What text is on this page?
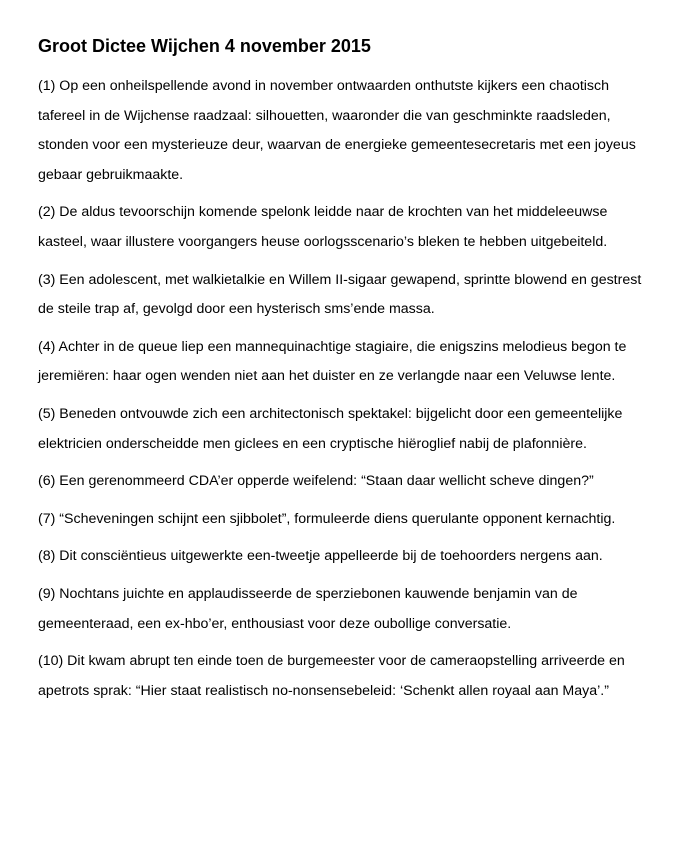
Groot Dictee Wijchen 4 november 2015

(1) Op een onheilspellende avond in november ontwaarden onthutste kijkers een chaotisch tafereel in de Wijchense raadzaal: silhouetten, waaronder die van geschminkte raadsleden, stonden voor een mysterieuze deur, waarvan de energieke gemeentesecretaris met een joyeus gebaar gebruikmaakte.

(2) De aldus tevoorschijn komende spelonk leidde naar de krochten van het middeleeuwse kasteel, waar illustere voorgangers heuse oorlogsscenario’s bleken te hebben uitgebeiteld.

(3) Een adolescent, met walkietalkie en Willem II-sigaar gewapend, sprintte blowend en gestrest de steile trap af, gevolgd door een hysterisch sms’ende massa.

(4) Achter in de queue liep een mannequinachtige stagiaire, die enigszins melodieus begon te jeremiëren: haar ogen wenden niet aan het duister en ze verlangde naar een Veluwse lente.

(5) Beneden ontvouwde zich een architectonisch spektakel: bijgelicht door een gemeentelijke elektricien onderscheidde men giclees en een cryptische hiëroglief nabij de plafonnière.

(6) Een gerenommeerd CDA’er opperde weifelend: “Staan daar wellicht scheve dingen?”

(7) “Scheveningen schijnt een sjibbolet”, formuleerde diens querulante opponent kernachtig.

(8) Dit consciëntieus uitgewerkte een-tweetje appelleerde bij de toehoorders nergens aan.

(9) Nochtans juichte en applaudisseerde de sperziebonen kauwende benjamin van de gemeenteraad, een ex-hbo’er, enthousiast voor deze oubollige conversatie.

(10) Dit kwam abrupt ten einde toen de burgemeester voor de cameraopstelling arriveerde en apetrots sprak: “Hier staat realistisch no-nonsensebeleid: ‘Schenkt allen royaal aan Maya’.”
